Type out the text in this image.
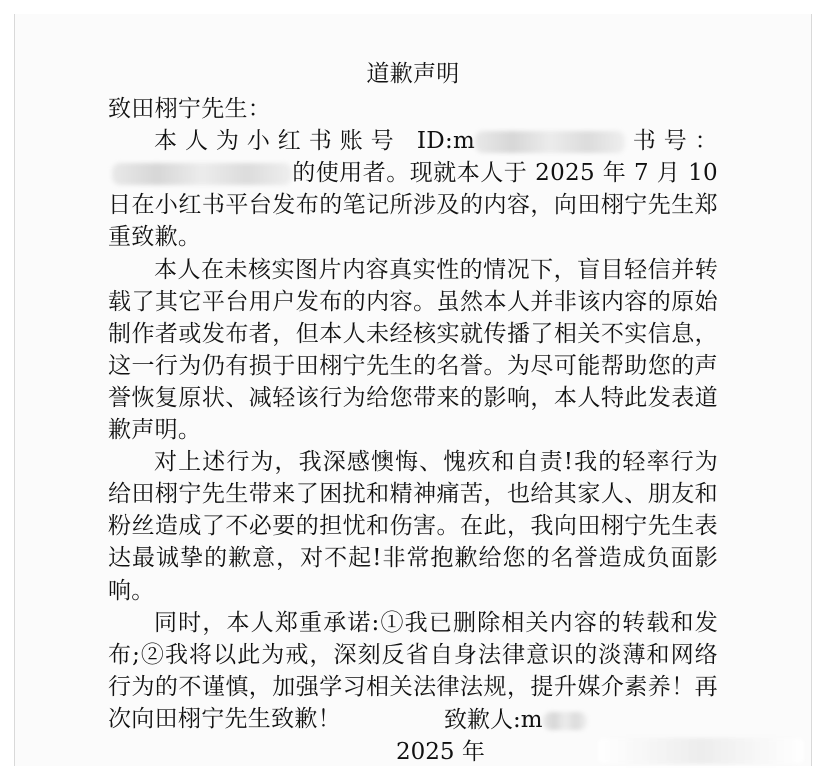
道歉声明

致田栩宁先生：

本人为小红书账号 ID:m	书号：的使用者。现就本人于 2025 年 7 月 10 日在小红书平台发布的笔记所涉及的内容，向田栩宁先生郑重致歉。

本人在未核实图片内容真实性的情况下，盲目轻信并转载了其它平台用户发布的内容。虽然本人并非该内容的原始制作者或发布者，但本人未经核实就传播了相关不实信息，这一行为仍有损于田栩宁先生的名誉。为尽可能帮助您的声誉恢复原状、减轻该行为给您带来的影响，本人特此发表道歉声明。

对上述行为，我深感懊悔、愧疚和自责!我的轻率行为给田栩宁先生带来了困扰和精神痛苦，也给其家人、朋友和粉丝造成了不必要的担忧和伤害。在此，我向田栩宁先生表达最诚挚的歉意，对不起!非常抱歉给您的名誉造成负面影响。

同时，本人郑重承诺:①我已删除相关内容的转载和发布;②我将以此为戒，深刻反省自身法律意识的淡薄和网络行为的不谨慎，加强学习相关法律法规，提升媒介素养！再次向田栩宁先生致歉！	致歉人:m
2025 年
